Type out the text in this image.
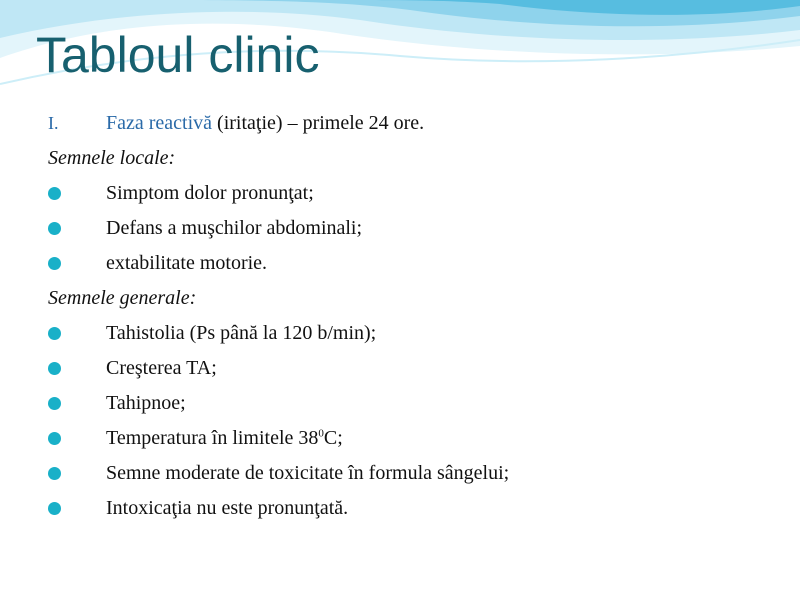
Tabloul clinic
I. Faza reactivă (iritaţie) – primele 24 ore.
Semnele locale:
Simptom dolor pronunţat;
Defans a muşchilor abdominali;
extabilitate motorie.
Semnele generale:
Tahistolia (Ps până la 120 b/min);
Creşterea TA;
Tahipnoe;
Temperatura în limitele $38^0C$;
Semne moderate de toxicitate în formula sângelui;
Intoxicaţia nu este pronunţată.
